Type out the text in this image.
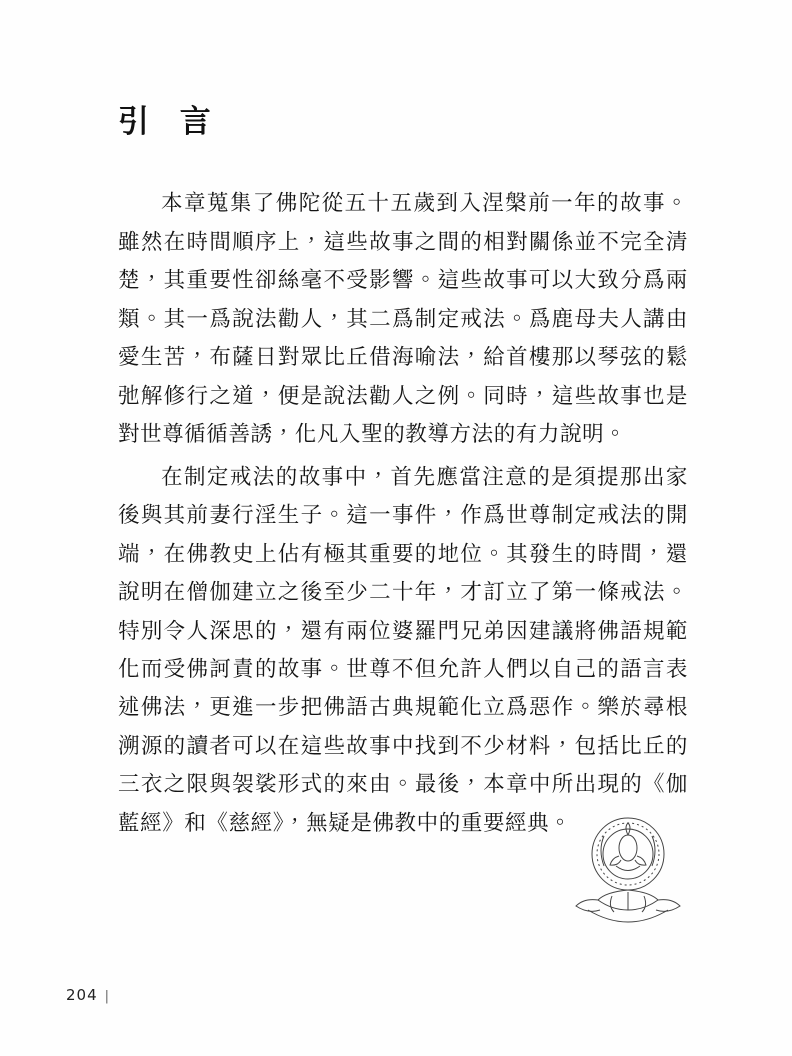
引 言

本章蒐集了佛陀從五十五歲到入涅槃前一年的故事。雖然在時間順序上，這些故事之間的相對關係並不完全清楚，其重要性卻絲毫不受影響。這些故事可以大致分爲兩類。其一爲說法勸人，其二爲制定戒法。爲鹿母夫人講由愛生苦，布薩日對眾比丘借海喻法，給首樓那以琴弦的鬆弛解修行之道，便是說法勸人之例。同時，這些故事也是對世尊循循善誘，化凡入聖的教導方法的有力說明。

在制定戒法的故事中，首先應當注意的是須提那出家後與其前妻行淫生子。這一事件，作爲世尊制定戒法的開端，在佛教史上佔有極其重要的地位。其發生的時間，還說明在僧伽建立之後至少二十年，才訂立了第一條戒法。特別令人深思的，還有兩位婆羅門兄弟因建議將佛語規範化而受佛訶責的故事。世尊不但允許人們以自己的語言表述佛法，更進一步把佛語古典規範化立爲惡作。樂於尋根溯源的讀者可以在這些故事中找到不少材料，包括比丘的三衣之限與袈裟形式的來由。最後，本章中所出現的《伽藍經》和《慈經》，無疑是佛教中的重要經典。

204 |
